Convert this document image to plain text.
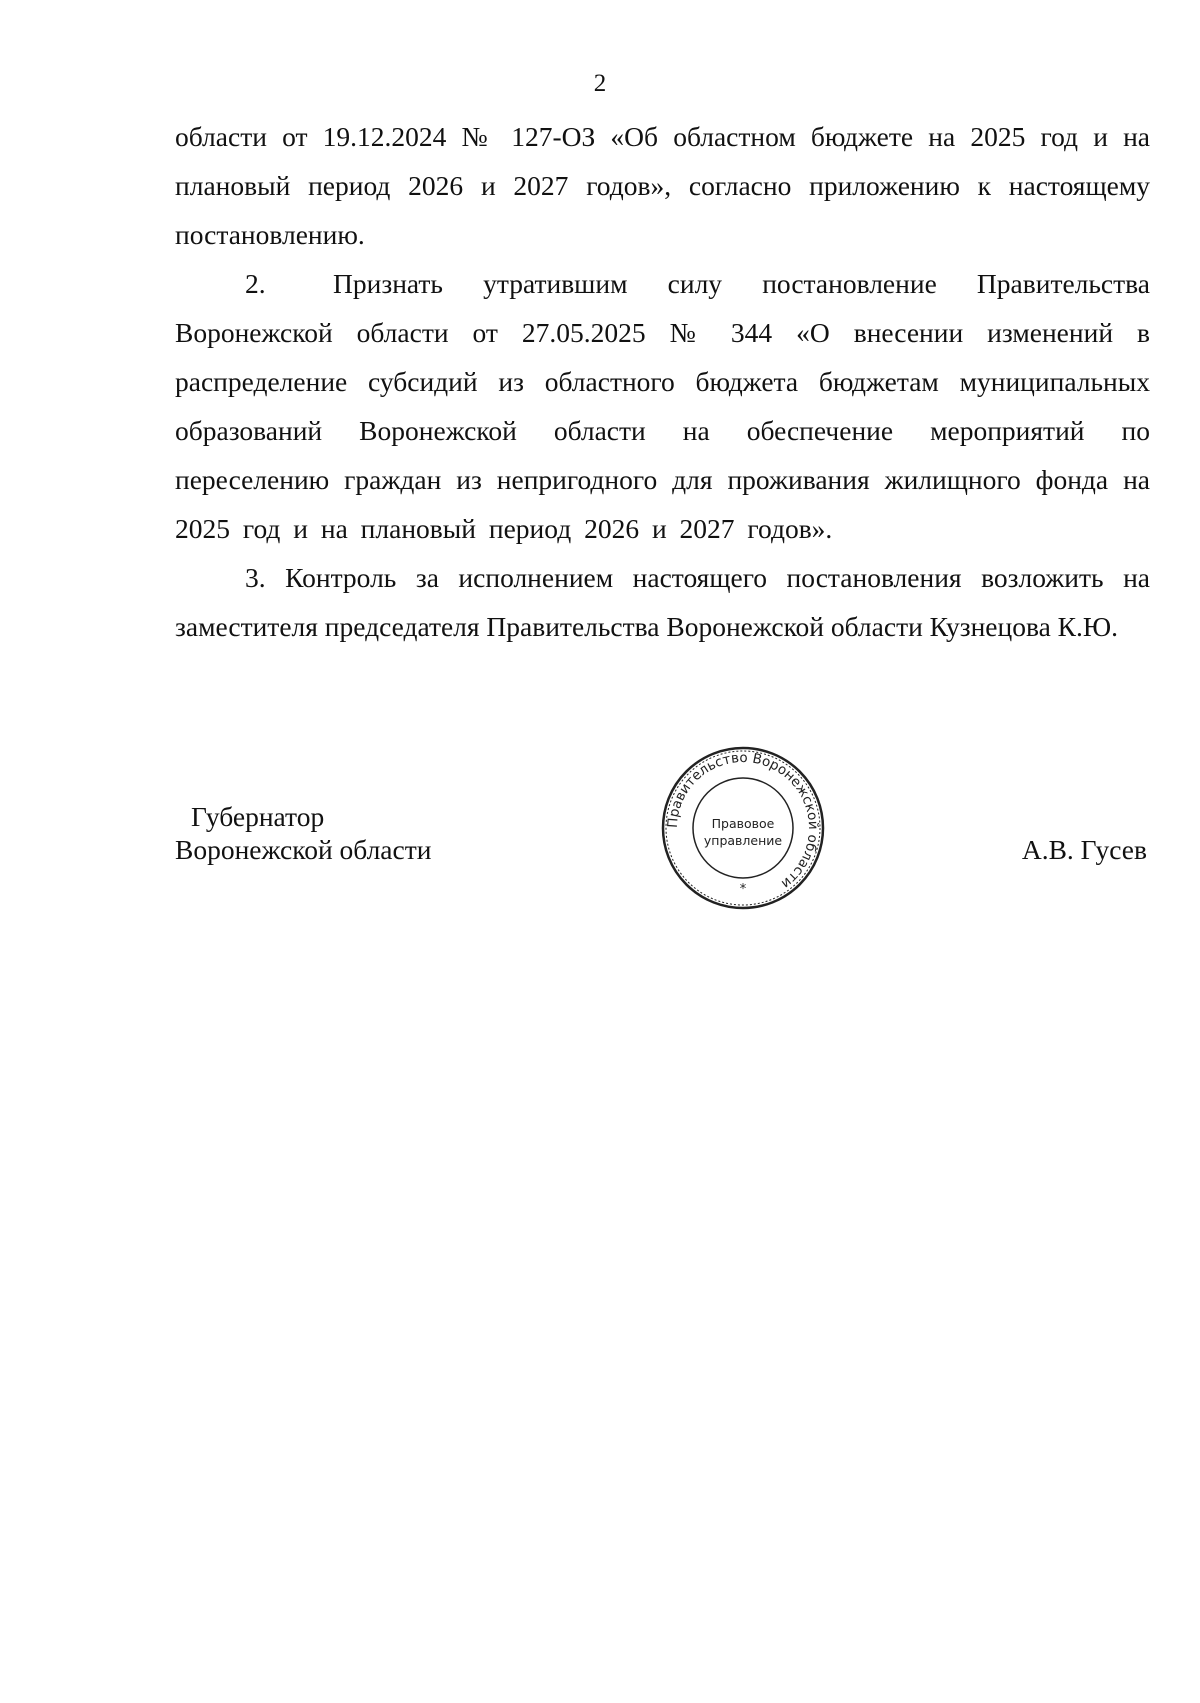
2

области от 19.12.2024 № 127-ОЗ «Об областном бюджете на 2025 год и на плановый период 2026 и 2027 годов», согласно приложению к настоящему постановлению.

2. Признать утратившим силу постановление Правительства Воронежской области от 27.05.2025 № 344 «О внесении изменений в распределение субсидий из областного бюджета бюджетам муниципальных образований Воронежской области на обеспечение мероприятий по переселению граждан из непригодного для проживания жилищного фонда на 2025 год и на плановый период 2026 и 2027 годов».

3. Контроль за исполнением настоящего постановления возложить на заместителя председателя Правительства Воронежской области Кузнецова К.Ю.

Губернатор
Воронежской области
Правительство Воронежской области
Правовое
управление
*
А.В. Гусев
